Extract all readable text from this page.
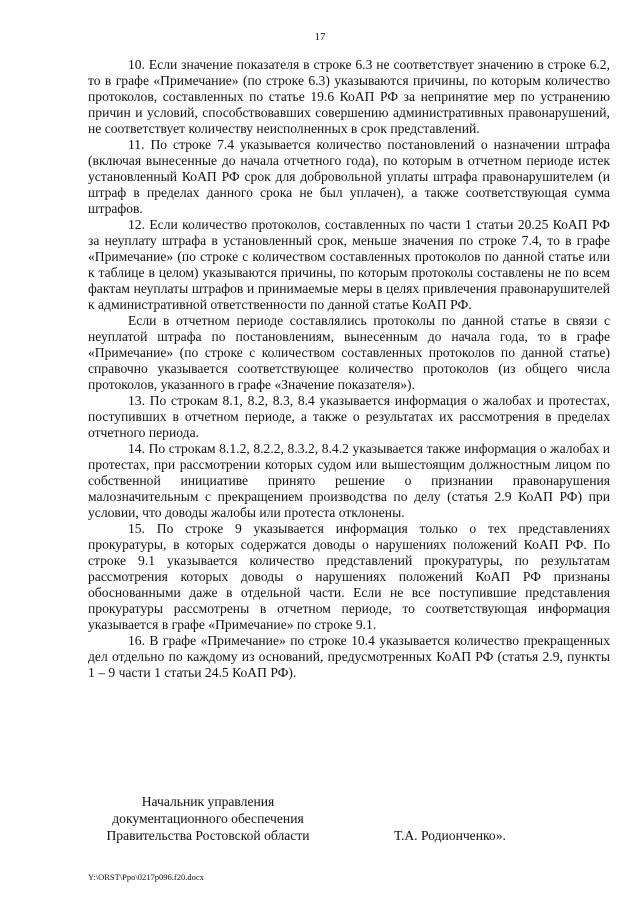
17

10. Если значение показателя в строке 6.3 не соответствует значению в строке 6.2, то в графе «Примечание» (по строке 6.3) указываются причины, по которым количество протоколов, составленных по статье 19.6 КоАП РФ за непринятие мер по устранению причин и условий, способствовавших совершению административных правонарушений, не соответствует количеству неисполненных в срок представлений.

11. По строке 7.4 указывается количество постановлений о назначении штрафа (включая вынесенные до начала отчетного года), по которым в отчетном периоде истек установленный КоАП РФ срок для добровольной уплаты штрафа правонарушителем (и штраф в пределах данного срока не был уплачен), а также соответствующая сумма штрафов.

12. Если количество протоколов, составленных по части 1 статьи 20.25 КоАП РФ за неуплату штрафа в установленный срок, меньше значения по строке 7.4, то в графе «Примечание» (по строке с количеством составленных протоколов по данной статье или к таблице в целом) указываются причины, по которым протоколы составлены не по всем фактам неуплаты штрафов и принимаемые меры в целях привлечения правонарушителей к административной ответственности по данной статье КоАП РФ.

Если в отчетном периоде составлялись протоколы по данной статье в связи с неуплатой штрафа по постановлениям, вынесенным до начала года, то в графе «Примечание» (по строке с количеством составленных протоколов по данной статье) справочно указывается соответствующее количество протоколов (из общего числа протоколов, указанного в графе «Значение показателя»).

13. По строкам 8.1, 8.2, 8.3, 8.4 указывается информация о жалобах и протестах, поступивших в отчетном периоде, а также о результатах их рассмотрения в пределах отчетного периода.

14. По строкам 8.1.2, 8.2.2, 8.3.2, 8.4.2 указывается также информация о жалобах и протестах, при рассмотрении которых судом или вышестоящим должностным лицом по собственной инициативе принято решение о признании правонарушения малозначительным с прекращением производства по делу (статья 2.9 КоАП РФ) при условии, что доводы жалобы или протеста отклонены.

15. По строке 9 указывается информация только о тех представлениях прокуратуры, в которых содержатся доводы о нарушениях положений КоАП РФ. По строке 9.1 указывается количество представлений прокуратуры, по результатам рассмотрения которых доводы о нарушениях положений КоАП РФ признаны обоснованными даже в отдельной части. Если не все поступившие представления прокуратуры рассмотрены в отчетном периоде, то соответствующая информация указывается в графе «Примечание» по строке 9.1.

16. В графе «Примечание» по строке 10.4 указывается количество прекращенных дел отдельно по каждому из оснований, предусмотренных КоАП РФ (статья 2.9, пункты 1 – 9 части 1 статьи 24.5 КоАП РФ).

Начальник управления
документационного обеспечения
Правительства Ростовской области	Т.А. Родионченко».
Y:\ORST\Ppo\0217p096.f20.docx
